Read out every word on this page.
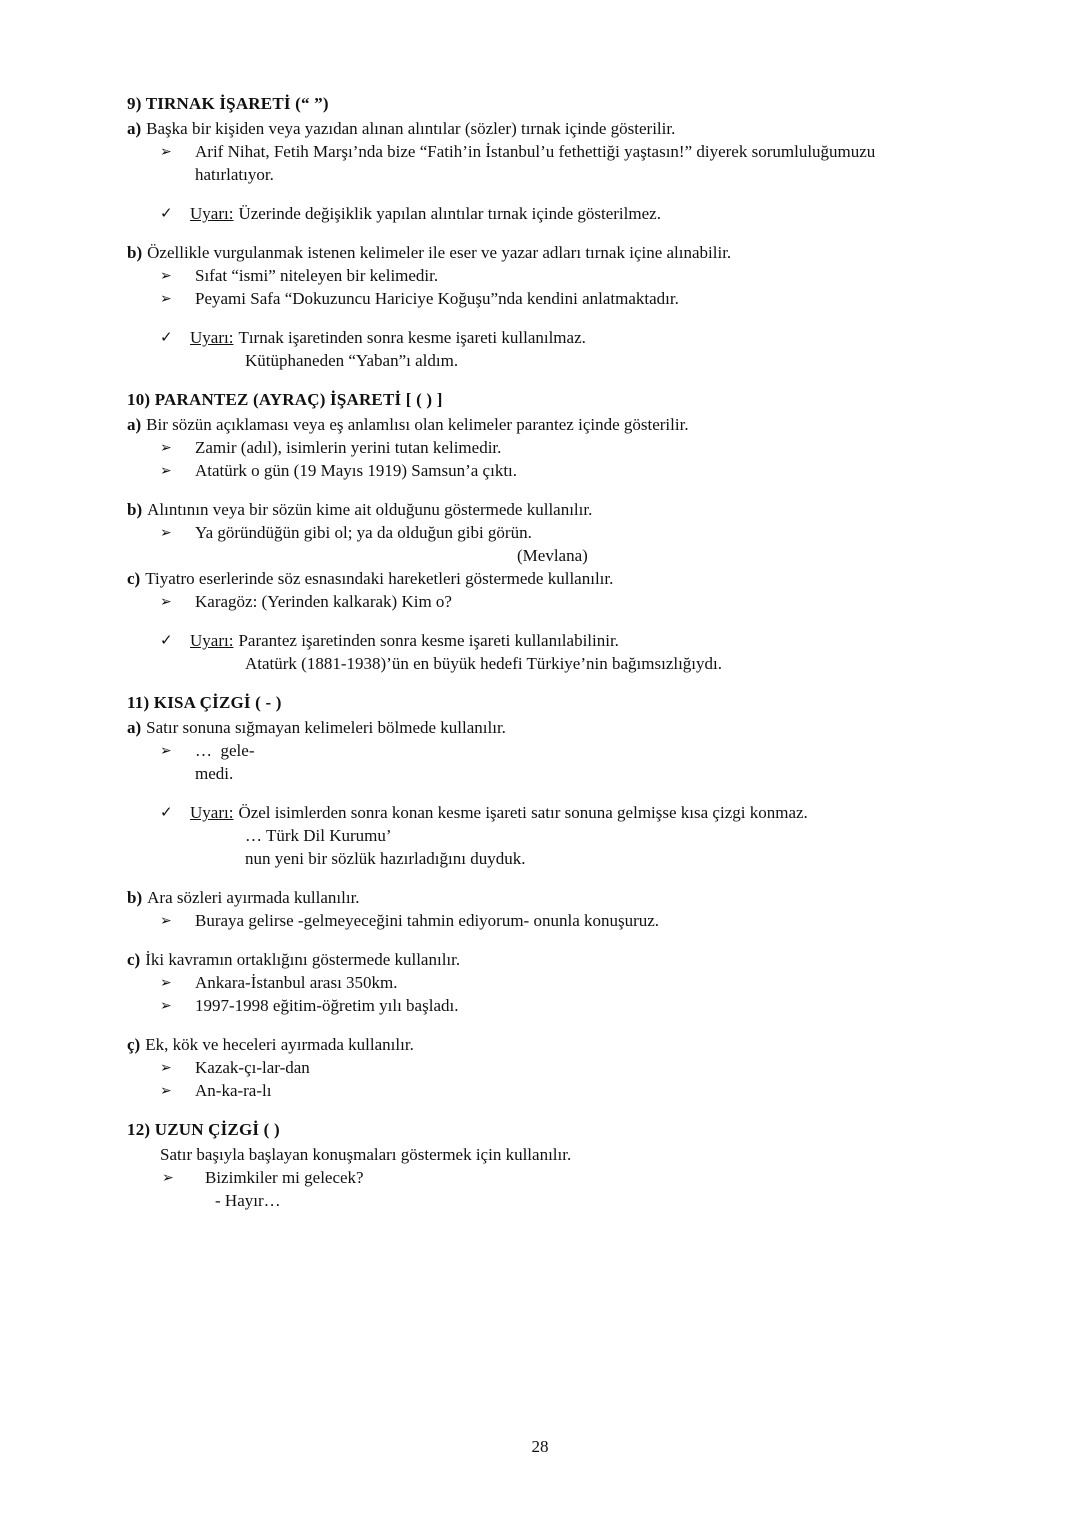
9) TIRNAK İŞARETİ (“ ”)
a) Başka bir kişiden veya yazıdan alınan alıntılar (sözler) tırnak içinde gösterilir.
➢ Arif Nihat, Fetih Marşı’nda bize “Fatih’in İstanbul’u fethettiği yaştasın!” diyerek sorumluluğumuzu
hatırlatıyor.
✓ Uyarı: Üzerinde değişiklik yapılan alıntılar tırnak içinde gösterilmez.
b) Özellikle vurgulanmak istenen kelimeler ile eser ve yazar adları tırnak içine alınabilir.
➢ Sıfat “ismi” niteleyen bir kelimedir.
➢ Peyami Safa “Dokuzuncu Hariciye Koğuşu”nda kendini anlatmaktadır.
✓ Uyarı: Tırnak işaretinden sonra kesme işareti kullanılmaz.
Kütüphaneden “Yaban”ı aldım.
10) PARANTEZ (AYRAÇ) İŞARETİ [ ( ) ]
a) Bir sözün açıklaması veya eş anlamlısı olan kelimeler parantez içinde gösterilir.
➢ Zamir (adıl), isimlerin yerini tutan kelimedir.
➢ Atatürk o gün (19 Mayıs 1919) Samsun’a çıktı.
b) Alıntının veya bir sözün kime ait olduğunu göstermede kullanılır.
➢ Ya göründüğün gibi ol; ya da olduğun gibi görün.
(Mevlana)
c) Tiyatro eserlerinde söz esnasındaki hareketleri göstermede kullanılır.
➢ Karagöz: (Yerinden kalkarak) Kim o?
✓ Uyarı: Parantez işaretinden sonra kesme işareti kullanılabilinir.
Atatürk (1881-1938)’ün en büyük hedefi Türkiye’nin bağımsızlığıydı.
11) KISA ÇİZGİ ( - )
a) Satır sonuna sığmayan kelimeleri bölmede kullanılır.
➢ …  gele-
medi.
✓ Uyarı: Özel isimlerden sonra konan kesme işareti satır sonuna gelmişse kısa çizgi konmaz.
… Türk Dil Kurumu’
nun yeni bir sözlük hazırladığını duyduk.
b) Ara sözleri ayırmada kullanılır.
➢ Buraya gelirse -gelmeyeceğini tahmin ediyorum- onunla konuşuruz.
c) İki kavramın ortaklığını göstermede kullanılır.
➢ Ankara-İstanbul arası 350km.
➢ 1997-1998 eğitim-öğretim yılı başladı.
ç) Ek, kök ve heceleri ayırmada kullanılır.
➢ Kazak-çı-lar-dan
➢ An-ka-ra-lı
12) UZUN ÇİZGİ ( )
Satır başıyla başlayan konuşmaları göstermek için kullanılır.
➢ Bizimkiler mi gelecek?
- Hayır…
28
